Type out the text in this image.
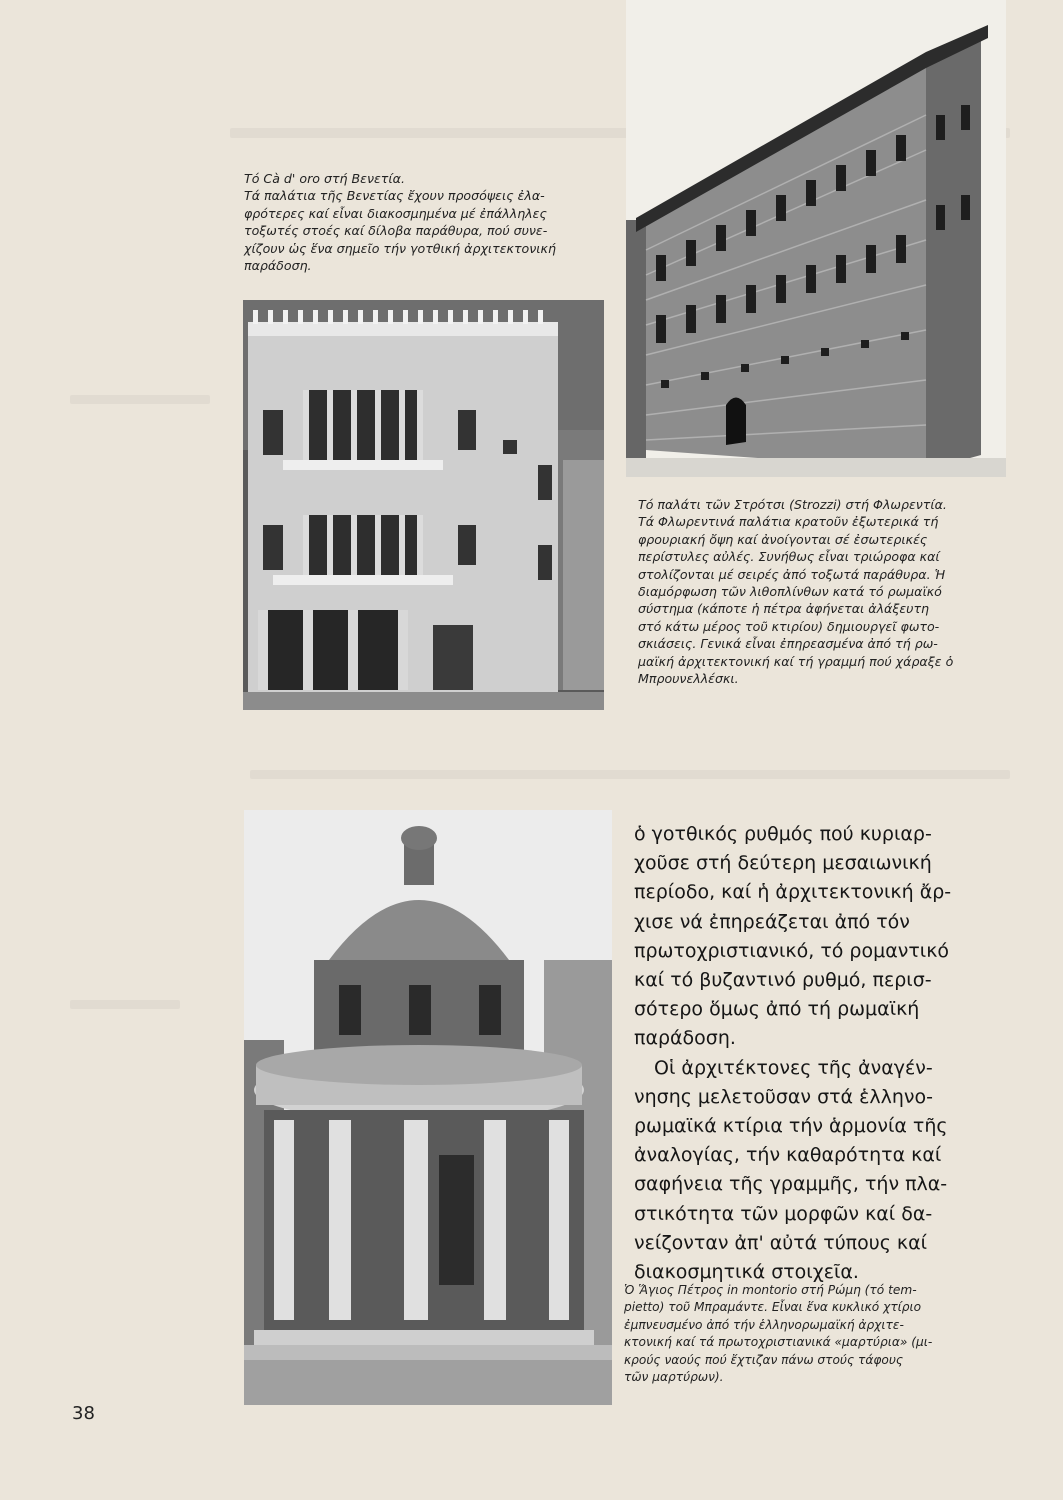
Τό Cà d' oro στή Βενετία.
Τά παλάτια τῆς Βενετίας ἔχουν προσόψεις ἐλα-
φρότερες καί εἶναι διακοσμημένα μέ ἐπάλληλες
τοξωτές στοές καί δίλοβα παράθυρα, πού συνε-
χίζουν ὡς ἕνα σημεῖο τήν γοτθική ἀρχιτεκτονική
παράδοση.
Τό παλάτι τῶν Στρότσι (Strozzi) στή Φλωρεντία.
Τά Φλωρεντινά παλάτια κρατοῦν ἐξωτερικά τή
φρουριακή ὄψη καί ἀνοίγονται σέ ἐσωτερικές
περίστυλες αὐλές. Συνήθως εἶναι τριώροφα καί
στολίζονται μέ σειρές ἀπό τοξωτά παράθυρα. Ἡ
διαμόρφωση τῶν λιθοπλίνθων κατά τό ρωμαϊκό
σύστημα (κάποτε ἡ πέτρα ἀφήνεται ἀλάξευτη
στό κάτω μέρος τοῦ κτιρίου) δημιουργεῖ φωτο-
σκιάσεις. Γενικά εἶναι ἐπηρεασμένα ἀπό τή ρω-
μαϊκή ἀρχιτεκτονική καί τή γραμμή πού χάραξε ὁ
Μπρουνελλέσκι.

ὁ γοτθικός ρυθμός πού κυριαρ-
χοῦσε στή δεύτερη μεσαιωνική
περίοδο, καί ἡ ἀρχιτεκτονική ἄρ-
χισε νά ἐπηρεάζεται ἀπό τόν
πρωτοχριστιανικό, τό ρομαντικό
καί τό βυζαντινό ρυθμό, περισ-
σότερο ὅμως ἀπό τή ρωμαϊκή
παράδοση.

Οἱ ἀρχιτέκτονες τῆς ἀναγέν-
νησης μελετοῦσαν στά ἑλληνο-
ρωμαϊκά κτίρια τήν ἁρμονία τῆς
ἀναλογίας, τήν καθαρότητα καί
σαφήνεια τῆς γραμμῆς, τήν πλα-
στικότητα τῶν μορφῶν καί δα-
νείζονταν ἀπ' αὐτά τύπους καί
διακοσμητικά στοιχεῖα.

Ὁ Ἅγιος Πέτρος in montorio στή Ρώμη (τό tem-
pietto) τοῦ Μπραμάντε. Εἶναι ἕνα κυκλικό χτίριο
ἐμπνευσμένο ἀπό τήν ἑλληνορωμαϊκή ἀρχιτε-
κτονική καί τά πρωτοχριστιανικά «μαρτύρια» (μι-
κρούς ναούς πού ἔχτιζαν πάνω στούς τάφους
τῶν μαρτύρων).
38
